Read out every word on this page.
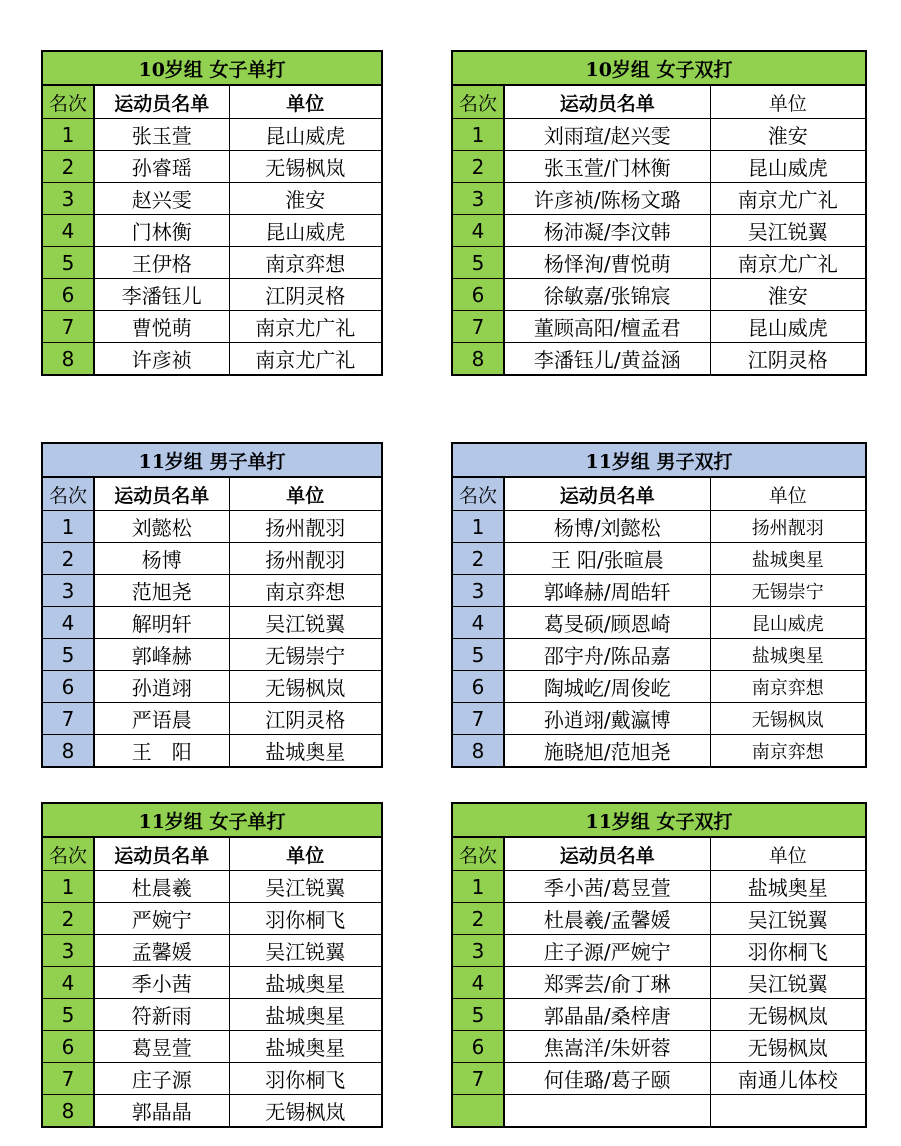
10岁组 女子单打		
名次	运动员名单	单位
1	张玉萱	昆山威虎
2	孙睿瑶	无锡枫岚
3	赵兴雯	淮安
4	门林衡	昆山威虎
5	王伊格	南京弈想
6	李潘钰儿	江阴灵格
7	曹悦萌	南京尤广礼
8	许彦祯	南京尤广礼
10岁组 女子双打		
名次	运动员名单	单位
1	刘雨瑄/赵兴雯	淮安
2	张玉萱/门林衡	昆山威虎
3	许彦祯/陈杨文璐	南京尤广礼
4	杨沛凝/李汶韩	吴江锐翼
5	杨怿洵/曹悦萌	南京尤广礼
6	徐敏嘉/张锦宸	淮安
7	董顾高阳/檀孟君	昆山威虎
8	李潘钰儿/黄益涵	江阴灵格
11岁组 男子单打		
名次	运动员名单	单位
1	刘懿松	扬州靓羽
2	杨博	扬州靓羽
3	范旭尧	南京弈想
4	解明轩	吴江锐翼
5	郭峰赫	无锡崇宁
6	孙逍翊	无锡枫岚
7	严语晨	江阴灵格
8	王　阳	盐城奥星
11岁组 男子双打		
名次	运动员名单	单位
1	杨博/刘懿松	扬州靓羽
2	王 阳/张暄晨	盐城奥星
3	郭峰赫/周皓轩	无锡崇宁
4	葛旻硕/顾恩崎	昆山威虎
5	邵宇舟/陈品嘉	盐城奥星
6	陶城屹/周俊屹	南京弈想
7	孙逍翊/戴瀛博	无锡枫岚
8	施晓旭/范旭尧	南京弈想
11岁组 女子单打		
名次	运动员名单	单位
1	杜晨羲	吴江锐翼
2	严婉宁	羽你桐飞
3	孟馨媛	吴江锐翼
4	季小茜	盐城奥星
5	符新雨	盐城奥星
6	葛昱萱	盐城奥星
7	庄子源	羽你桐飞
8	郭晶晶	无锡枫岚
11岁组 女子双打		
名次	运动员名单	单位
1	季小茜/葛昱萱	盐城奥星
2	杜晨羲/孟馨媛	吴江锐翼
3	庄子源/严婉宁	羽你桐飞
4	郑霁芸/俞丁琳	吴江锐翼
5	郭晶晶/桑梓唐	无锡枫岚
6	焦嵩洋/朱妍蓉	无锡枫岚
7	何佳璐/葛子颐	南通儿体校
